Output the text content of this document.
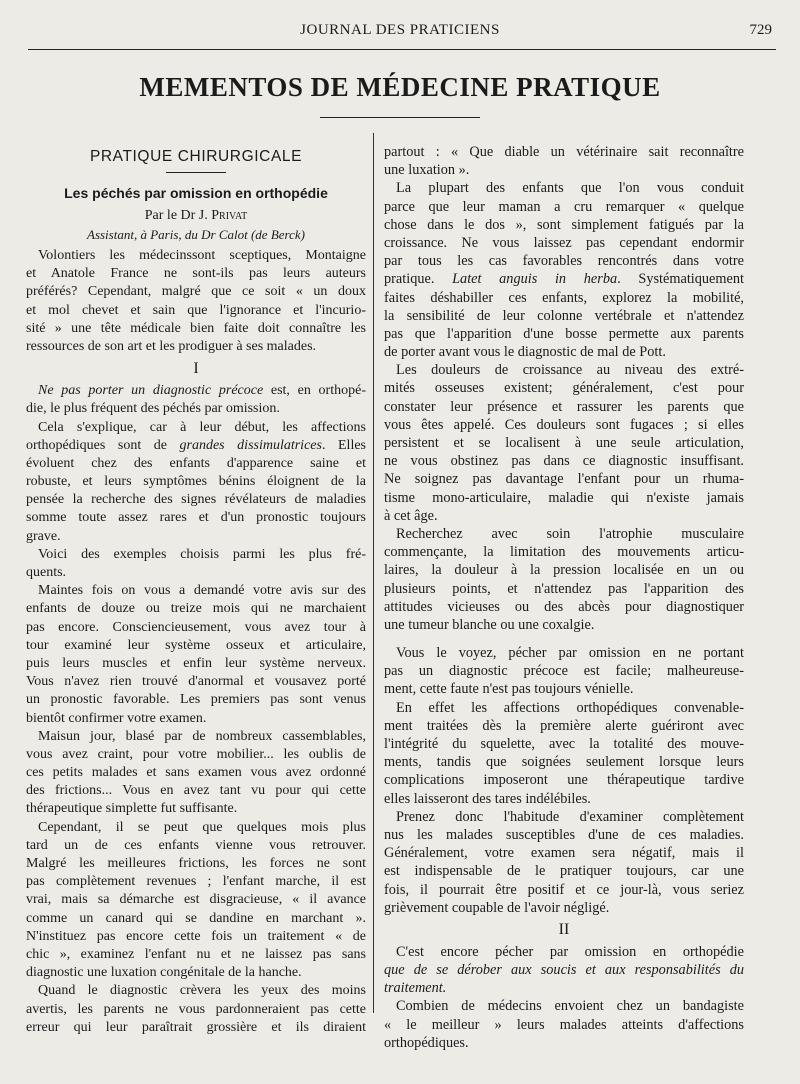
JOURNAL DES PRATICIENS	729
MEMENTOS DE MÉDECINE PRATIQUE
PRATIQUE CHIRURGICALE
Les péchés par omission en orthopédie
Par le Dr J. Privat
Assistant, à Paris, du Dr Calot (de Berck)
Volontiers les médecinssont sceptiques, Montaigne
et Anatole France ne sont-ils pas leurs auteurs
préférés? Cependant, malgré que ce soit « un doux
et mol chevet et sain que l'ignorance et l'incurio-
sité » une tête médicale bien faite doit connaître les
ressources de son art et les prodiguer à ses malades.
I
Ne pas porter un diagnostic précoce est, en orthopé-
die, le plus fréquent des péchés par omission.
Cela s'explique, car à leur début, les affections
orthopédiques sont de grandes dissimulatrices. Elles
évoluent chez des enfants d'apparence saine et
robuste, et leurs symptômes bénins éloignent de la
pensée la recherche des signes révélateurs de maladies
somme toute assez rares et d'un pronostic toujours
grave.
Voici des exemples choisis parmi les plus fré-
quents.
Maintes fois on vous a demandé votre avis sur des
enfants de douze ou treize mois qui ne marchaient
pas encore. Consciencieusement, vous avez tour à
tour examiné leur système osseux et articulaire,
puis leurs muscles et enfin leur système nerveux.
Vous n'avez rien trouvé d'anormal et vousavez porté
un pronostic favorable. Les premiers pas sont venus
bientôt confirmer votre examen.
Maisun jour, blasé par de nombreux cassemblables,
vous avez craint, pour votre mobilier... les oublis de
ces petits malades et sans examen vous avez ordonné
des frictions... Vous en avez tant vu pour qui cette
thérapeutique simplette fut suffisante.
Cependant, il se peut que quelques mois plus
tard un de ces enfants vienne vous retrouver.
Malgré les meilleures frictions, les forces ne sont
pas complètement revenues ; l'enfant marche, il est
vrai, mais sa démarche est disgracieuse, « il avance
comme un canard qui se dandine en marchant ».
N'instituez pas encore cette fois un traitement « de
chic », examinez l'enfant nu et ne laissez pas sans
diagnostic une luxation congénitale de la hanche.
Quand le diagnostic crèvera les yeux des moins
avertis, les parents ne vous pardonneraient pas cette
erreur qui leur paraîtrait grossière et ils diraient
partout : « Que diable un vétérinaire sait reconnaître
une luxation ».
La plupart des enfants que l'on vous conduit
parce que leur maman a cru remarquer « quelque
chose dans le dos », sont simplement fatigués par la
croissance. Ne vous laissez pas cependant endormir
par tous les cas favorables rencontrés dans votre
pratique. Latet anguis in herba. Systématiquement
faites déshabiller ces enfants, explorez la mobilité,
la sensibilité de leur colonne vertébrale et n'attendez
pas que l'apparition d'une bosse permette aux parents
de porter avant vous le diagnostic de mal de Pott.
Les douleurs de croissance au niveau des extré-
mités osseuses existent; généralement, c'est pour
constater leur présence et rassurer les parents que
vous êtes appelé. Ces douleurs sont fugaces ; si elles
persistent et se localisent à une seule articulation,
ne vous obstinez pas dans ce diagnostic insuffisant.
Ne soignez pas davantage l'enfant pour un rhuma-
tisme mono-articulaire, maladie qui n'existe jamais
à cet âge.
Recherchez avec soin l'atrophie musculaire
commençante, la limitation des mouvements articu-
laires, la douleur à la pression localisée en un ou
plusieurs points, et n'attendez pas l'apparition des
attitudes vicieuses ou des abcès pour diagnostiquer
une tumeur blanche ou une coxalgie.
Vous le voyez, pécher par omission en ne portant
pas un diagnostic précoce est facile; malheureuse-
ment, cette faute n'est pas toujours vénielle.
En effet les affections orthopédiques convenable-
ment traitées dès la première alerte guériront avec
l'intégrité du squelette, avec la totalité des mouve-
ments, tandis que soignées seulement lorsque leurs
complications imposeront une thérapeutique tardive
elles laisseront des tares indélébiles.
Prenez donc l'habitude d'examiner complètement
nus les malades susceptibles d'une de ces maladies.
Généralement, votre examen sera négatif, mais il
est indispensable de le pratiquer toujours, car une
fois, il pourrait être positif et ce jour-là, vous seriez
grièvement coupable de l'avoir négligé.
II
C'est encore pécher par omission en orthopédie
que de se dérober aux soucis et aux responsabilités du
traitement.
Combien de médecins envoient chez un bandagiste
« le meilleur » leurs malades atteints d'affections
orthopédiques.
